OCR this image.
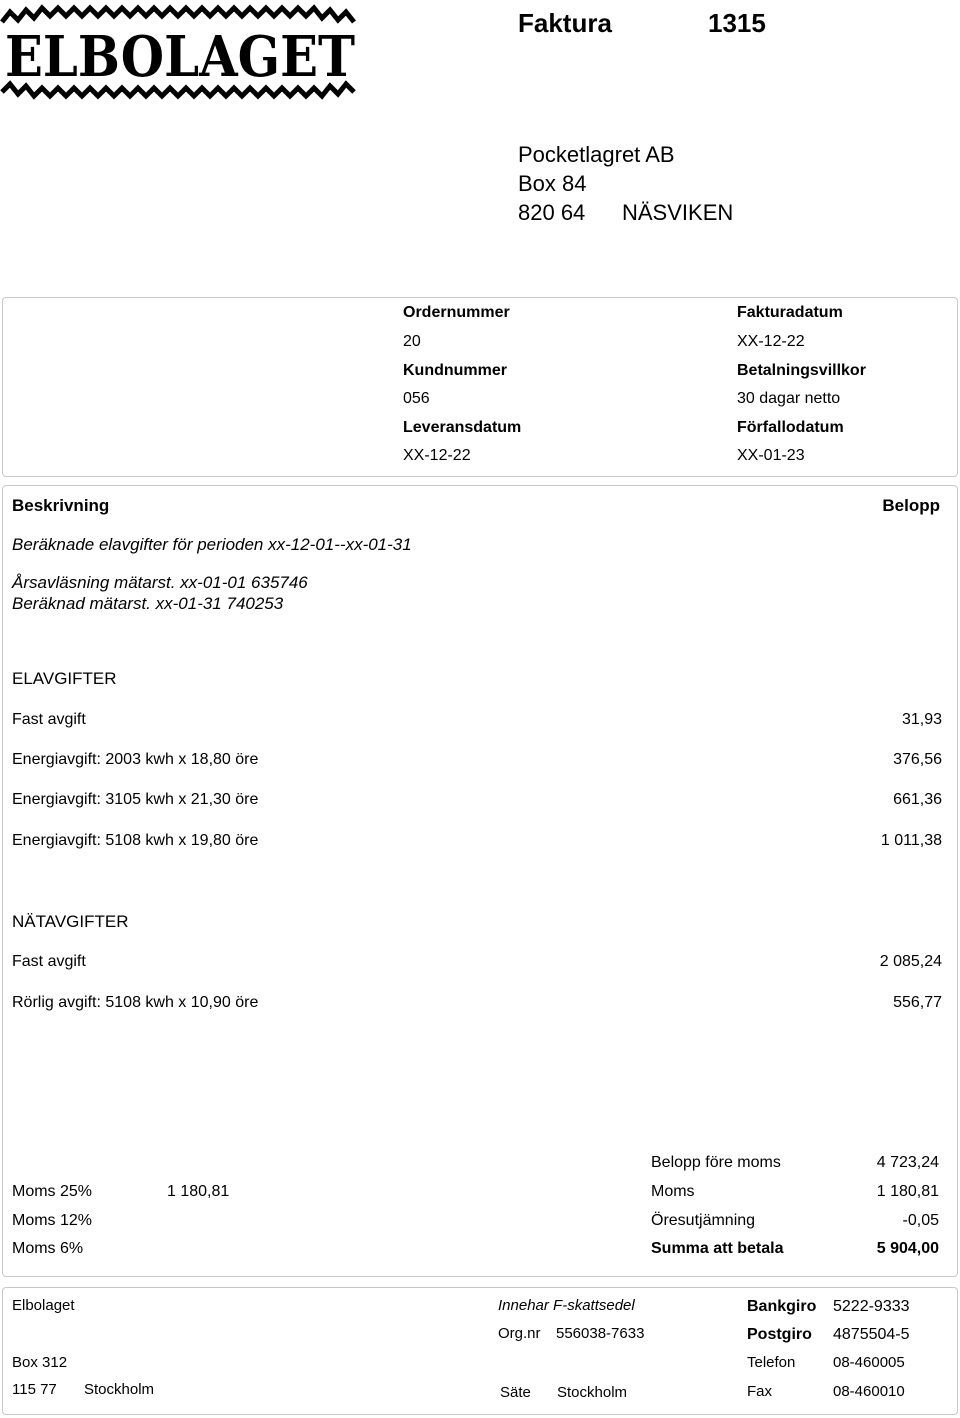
ELBOLAGET
Faktura	1315
Pocketlagret AB
Box 84
820 64 NÄSVIKEN
Ordernummer
20
Kundnummer
056
Leveransdatum
XX-12-22
Fakturadatum
XX-12-22
Betalningsvillkor
30 dagar netto
Förfallodatum
XX-01-23
Beskrivning	Belopp
Beräknade elavgifter för perioden xx-12-01--xx-01-31
Årsavläsning mätarst. xx-01-01 635746
Beräknad mätarst. xx-01-31 740253
ELAVGIFTER
Fast avgift	31,93
Energiavgift: 2003 kwh x 18,80 öre	376,56
Energiavgift: 3105 kwh x 21,30 öre	661,36
Energiavgift: 5108 kwh x 19,80 öre	1 011,38
NÄTAVGIFTER
Fast avgift	2 085,24
Rörlig avgift: 5108 kwh x 10,90 öre	556,77
Moms 25%	1 180,81
Moms 12%
Moms 6%
Belopp före moms	4 723,24
Moms	1 180,81
Öresutjämning	-0,05
Summa att betala	5 904,00
Elbolaget
Box 312
115 77 Stockholm
Innehar F-skattsedel
Org.nr 556038-7633
Säte Stockholm
Bankgiro 5222-9333
Postgiro 4875504-5
Telefon	08-460005
Fax	08-460010
